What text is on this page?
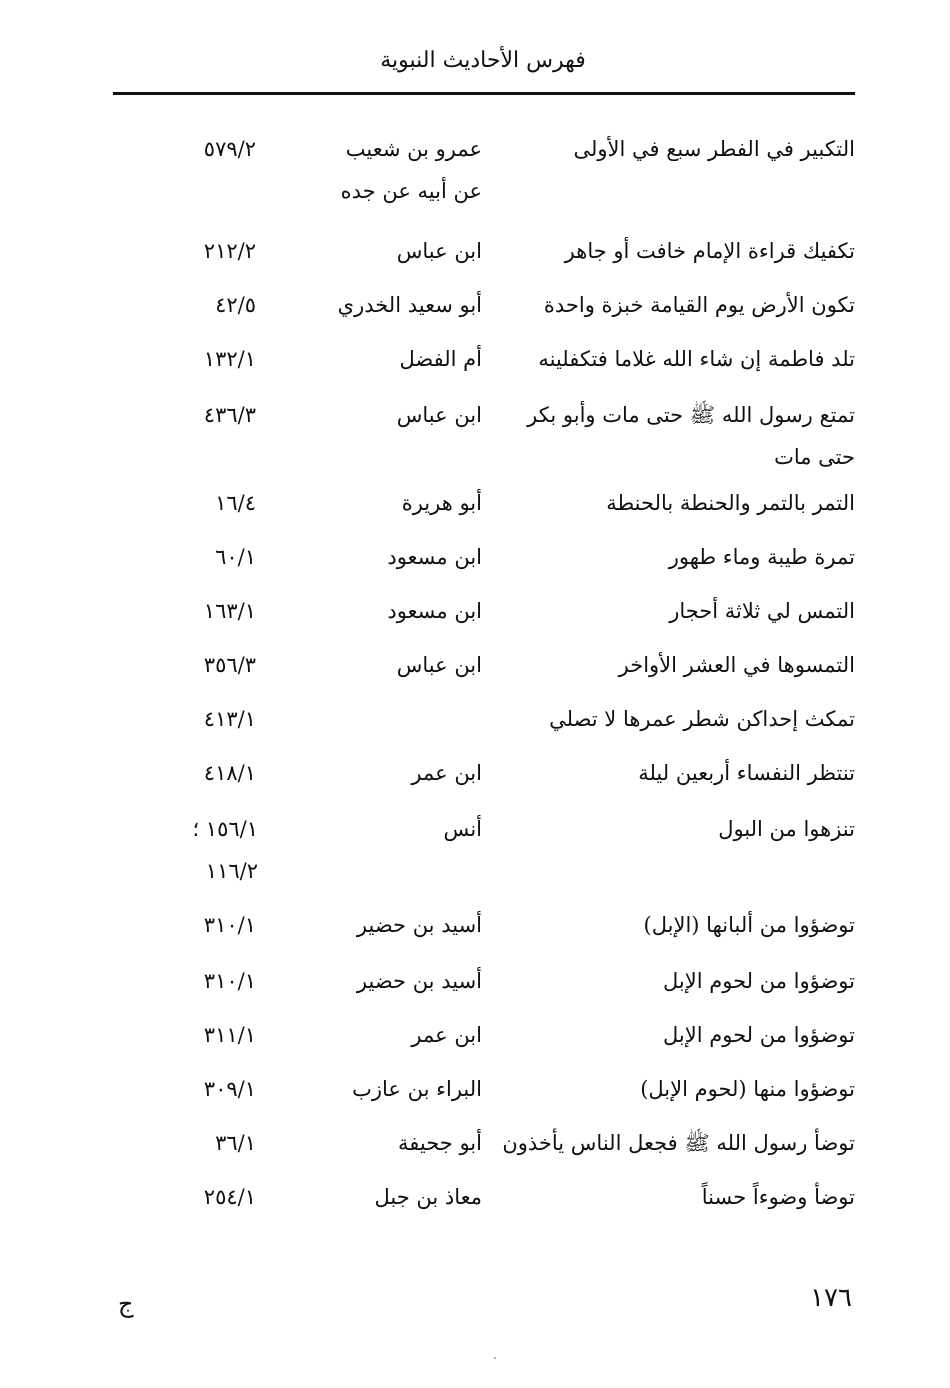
فهرس الأحاديث النبوية
التكبير في الفطر سبع في الأولى
عمرو بن شعيب عن أبيه عن جده
٥٧٩/٢
تكفيك قراءة الإمام خافت أو جاهر
ابن عباس
٢١٢/٢
تكون الأرض يوم القيامة خبزة واحدة
أبو سعيد الخدري
٤٢/٥
تلد فاطمة إن شاء الله غلاما فتكفلينه
أم الفضل
١٣٢/١
تمتع رسول الله ﷺ حتى مات وأبو بكر حتى مات
ابن عباس
٤٣٦/٣
التمر بالتمر والحنطة بالحنطة
أبو هريرة
١٦/٤
تمرة طيبة وماء طهور
ابن مسعود
٦٠/١
التمس لي ثلاثة أحجار
ابن مسعود
١٦٣/١
التمسوها في العشر الأواخر
ابن عباس
٣٥٦/٣
تمكث إحداكن شطر عمرها لا تصلي
٤١٣/١
تنتظر النفساء أربعين ليلة
ابن عمر
٤١٨/١
تنزهوا من البول
أنس
١٥٦/١ ؛ ١١٦/٢
توضؤوا من ألبانها (الإبل)
أسيد بن حضير
٣١٠/١
توضؤوا من لحوم الإبل
أسيد بن حضير
٣١٠/١
توضؤوا من لحوم الإبل
ابن عمر
٣١١/١
توضؤوا منها (لحوم الإبل)
البراء بن عازب
٣٠٩/١
توضأ رسول الله ﷺ فجعل الناس يأخذون
أبو جحيفة
٣٦/١
توضأ وضوءاً حسناً
معاذ بن جبل
٢٥٤/١
١٧٦
ج
